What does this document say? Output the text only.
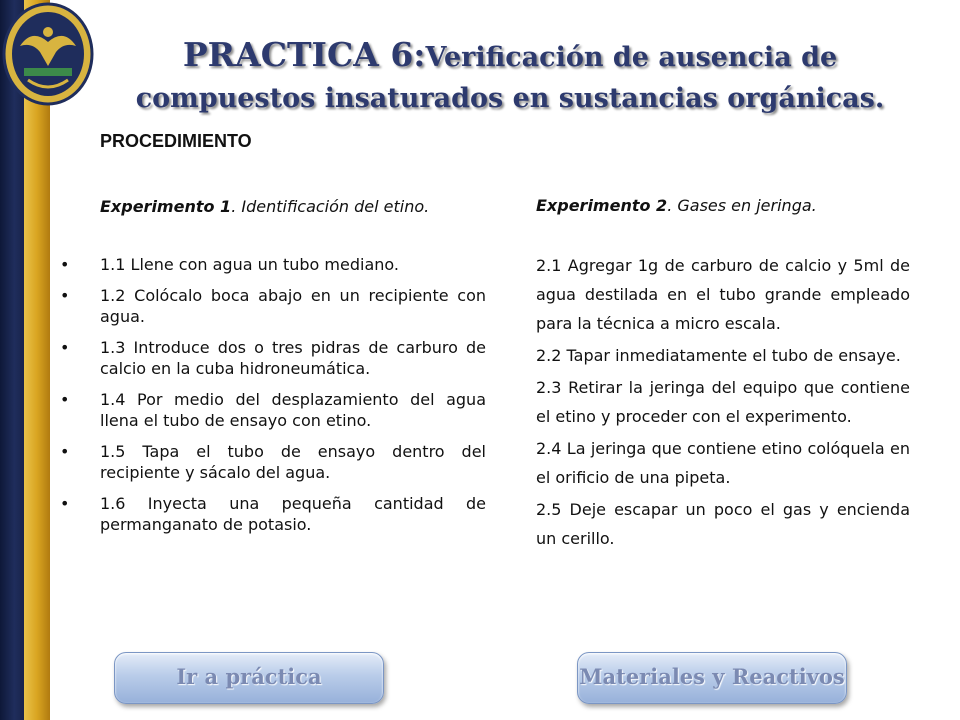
PRACTICA 6:Verificación de ausencia de
compuestos insaturados en sustancias orgánicas.
PROCEDIMIENTO
Experimento 1. Identificación del etino.	Experimento 2. Gases en jeringa.
• 1.1 Llene con agua un tubo mediano.
• 1.2 Colócalo boca abajo en un recipiente con agua.
• 1.3 Introduce dos o tres pidras de carburo de calcio en la cuba hidroneumática.
• 1.4 Por medio del desplazamiento del agua llena el tubo de ensayo con etino.
• 1.5 Tapa el tubo de ensayo dentro del recipiente y sácalo del agua.
• 1.6 Inyecta una pequeña cantidad de permanganato de potasio.

2.1 Agregar 1g de carburo de calcio y 5ml de agua destilada en el tubo grande empleado para la técnica a micro escala.

2.2 Tapar inmediatamente el tubo de ensaye.

2.3 Retirar la jeringa del equipo que contiene el etino y proceder con el experimento.

2.4 La jeringa que contiene etino colóquela en el orificio de una pipeta.

2.5 Deje escapar un poco el gas y encienda un cerillo.

Ir a práctica	Materiales y Reactivos
